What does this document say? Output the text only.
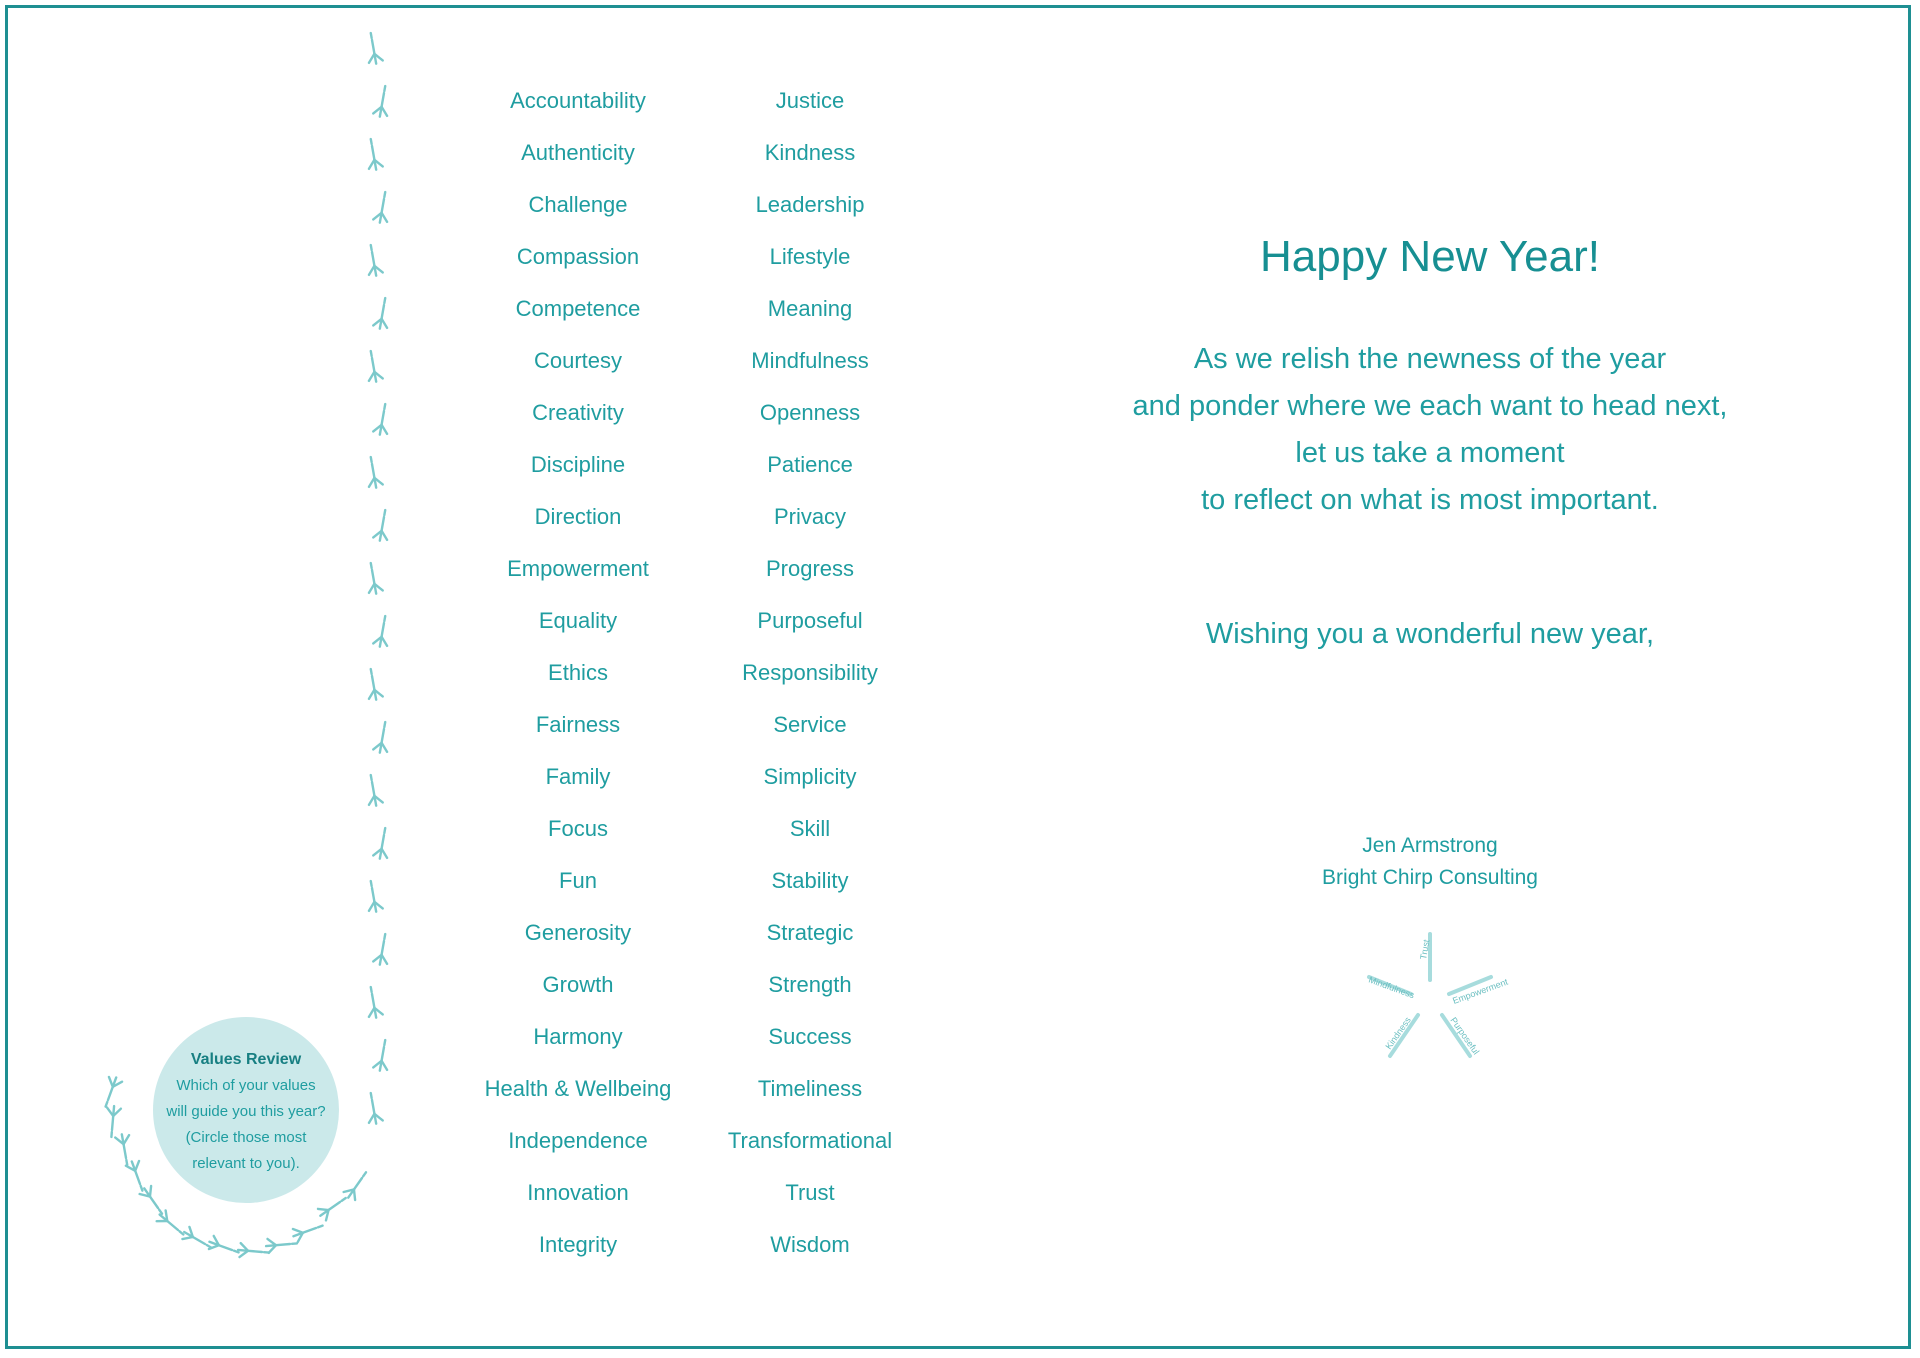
Accountability
Authenticity
Challenge
Compassion
Competence
Courtesy
Creativity
Discipline
Direction
Empowerment
Equality
Ethics
Fairness
Family
Focus
Fun
Generosity
Growth
Harmony
Health & Wellbeing
Independence
Innovation
Integrity
Justice
Kindness
Leadership
Lifestyle
Meaning
Mindfulness
Openness
Patience
Privacy
Progress
Purposeful
Responsibility
Service
Simplicity
Skill
Stability
Strategic
Strength
Success
Timeliness
Transformational
Trust
Wisdom
Values Review
Which of your values
will guide you this year?
(Circle those most
relevant to you).
Happy New Year!
As we relish the newness of the year
and ponder where we each want to head next,
let us take a moment
to reflect on what is most important.
Wishing you a wonderful new year,
Jen Armstrong
Bright Chirp Consulting
Trust
Empowerment
Purposeful
Kindness
Mindfulness
